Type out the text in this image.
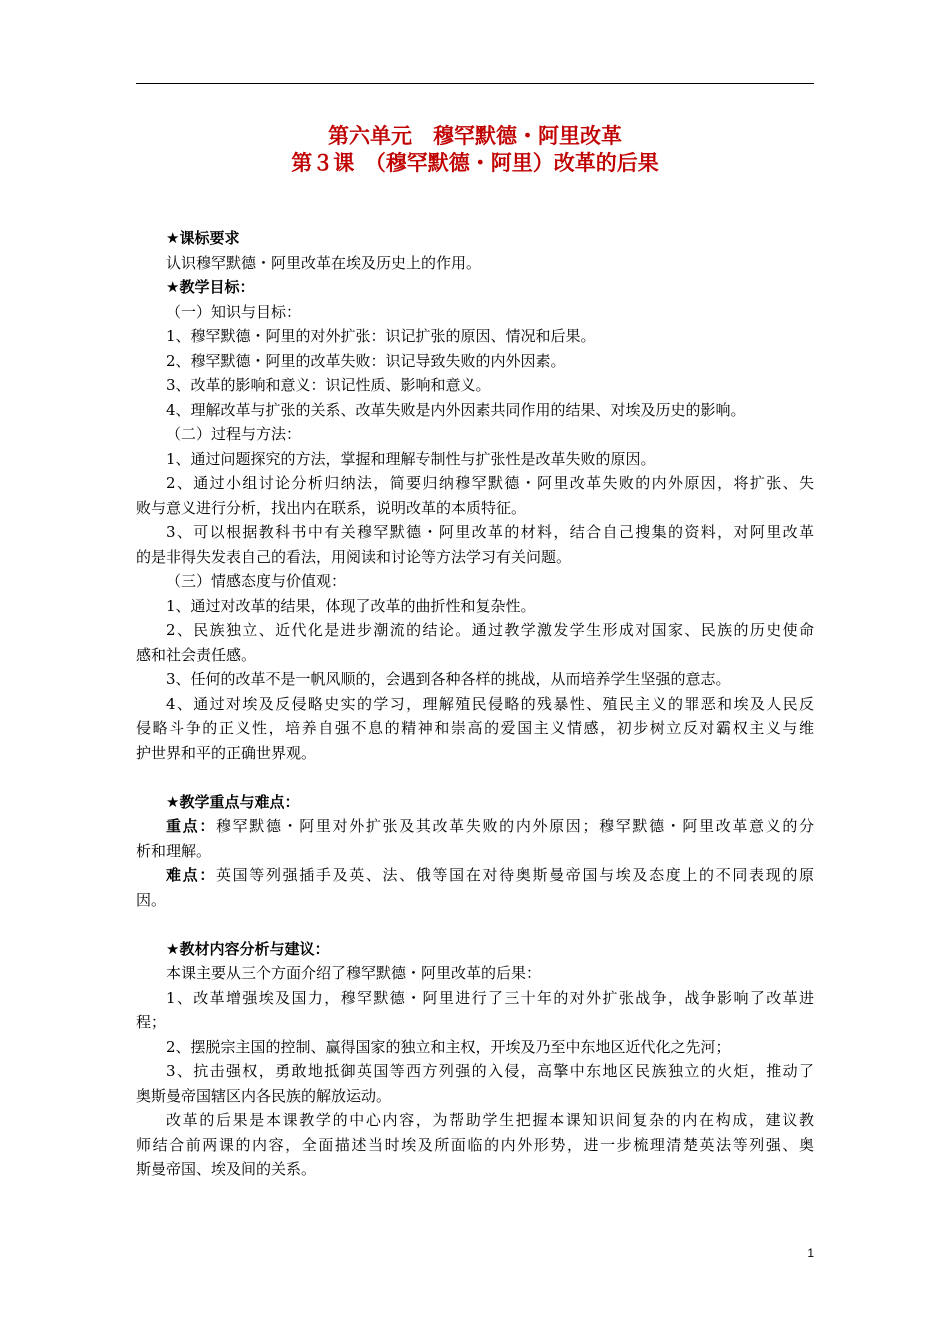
第六单元　穆罕默德・阿里改革
第３课　（穆罕默德・阿里）改革的后果
★课标要求
认识穆罕默德・阿里改革在埃及历史上的作用。
★教学目标：
（一）知识与目标：
1、穆罕默德・阿里的对外扩张：识记扩张的原因、情况和后果。
2、穆罕默德・阿里的改革失败：识记导致失败的内外因素。
3、改革的影响和意义：识记性质、影响和意义。
4、理解改革与扩张的关系、改革失败是内外因素共同作用的结果、对埃及历史的影响。
（二）过程与方法：
1、通过问题探究的方法，掌握和理解专制性与扩张性是改革失败的原因。
2、通过小组讨论分析归纳法，简要归纳穆罕默德・阿里改革失败的内外原因，将扩张、失
败与意义进行分析，找出内在联系，说明改革的本质特征。
3、可以根据教科书中有关穆罕默德・阿里改革的材料，结合自己搜集的资料，对阿里改革
的是非得失发表自己的看法，用阅读和讨论等方法学习有关问题。
（三）情感态度与价值观：
1、通过对改革的结果，体现了改革的曲折性和复杂性。
2、民族独立、近代化是进步潮流的结论。通过教学激发学生形成对国家、民族的历史使命
感和社会责任感。
3、任何的改革不是一帆风顺的，会遇到各种各样的挑战，从而培养学生坚强的意志。
4、通过对埃及反侵略史实的学习，理解殖民侵略的残暴性、殖民主义的罪恶和埃及人民反
侵略斗争的正义性，培养自强不息的精神和崇高的爱国主义情感，初步树立反对霸权主义与维
护世界和平的正确世界观。
★教学重点与难点：
重点：穆罕默德・阿里对外扩张及其改革失败的内外原因；穆罕默德・阿里改革意义的分
析和理解。
难点：英国等列强插手及英、法、俄等国在对待奥斯曼帝国与埃及态度上的不同表现的原
因。
★教材内容分析与建议：
本课主要从三个方面介绍了穆罕默德・阿里改革的后果：
1、改革增强埃及国力，穆罕默德・阿里进行了三十年的对外扩张战争，战争影响了改革进
程；
2、摆脱宗主国的控制、赢得国家的独立和主权，开埃及乃至中东地区近代化之先河；
3、抗击强权，勇敢地抵御英国等西方列强的入侵，高擎中东地区民族独立的火炬，推动了
奥斯曼帝国辖区内各民族的解放运动。
改革的后果是本课教学的中心内容，为帮助学生把握本课知识间复杂的内在构成，建议教
师结合前两课的内容，全面描述当时埃及所面临的内外形势，进一步梳理清楚英法等列强、奥
斯曼帝国、埃及间的关系。
1
